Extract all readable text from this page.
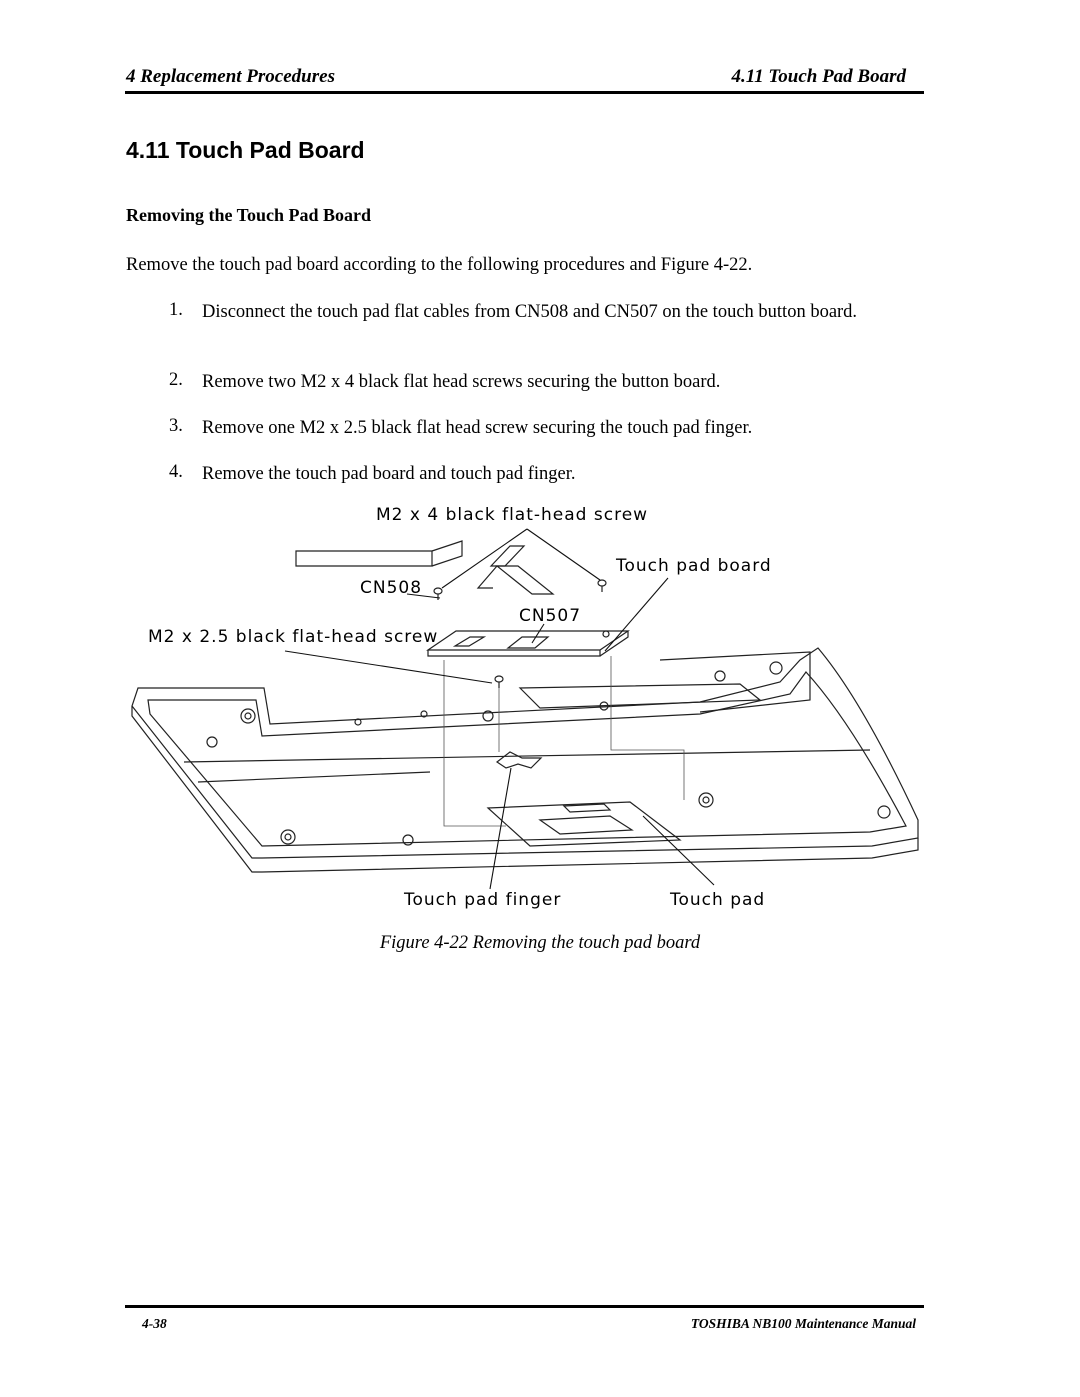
4 Replacement Procedures	4.11 Touch Pad Board
4.11 Touch Pad Board
Removing the Touch Pad Board
Remove the touch pad board according to the following procedures and Figure 4-22.
1. Disconnect the touch pad flat cables from CN508 and CN507 on the touch button board.
2. Remove two M2 x 4 black flat head screws securing the button board.
3. Remove one M2 x 2.5 black flat head screw securing the touch pad finger.
4. Remove the touch pad board and touch pad finger.
M2 x 4 black flat-head screw
Touch pad board
CN508
CN507
M2 x 2.5 black flat-head screw
Touch pad finger	Touch pad
Figure 4-22 Removing the touch pad board
4-38	TOSHIBA NB100 Maintenance Manual
